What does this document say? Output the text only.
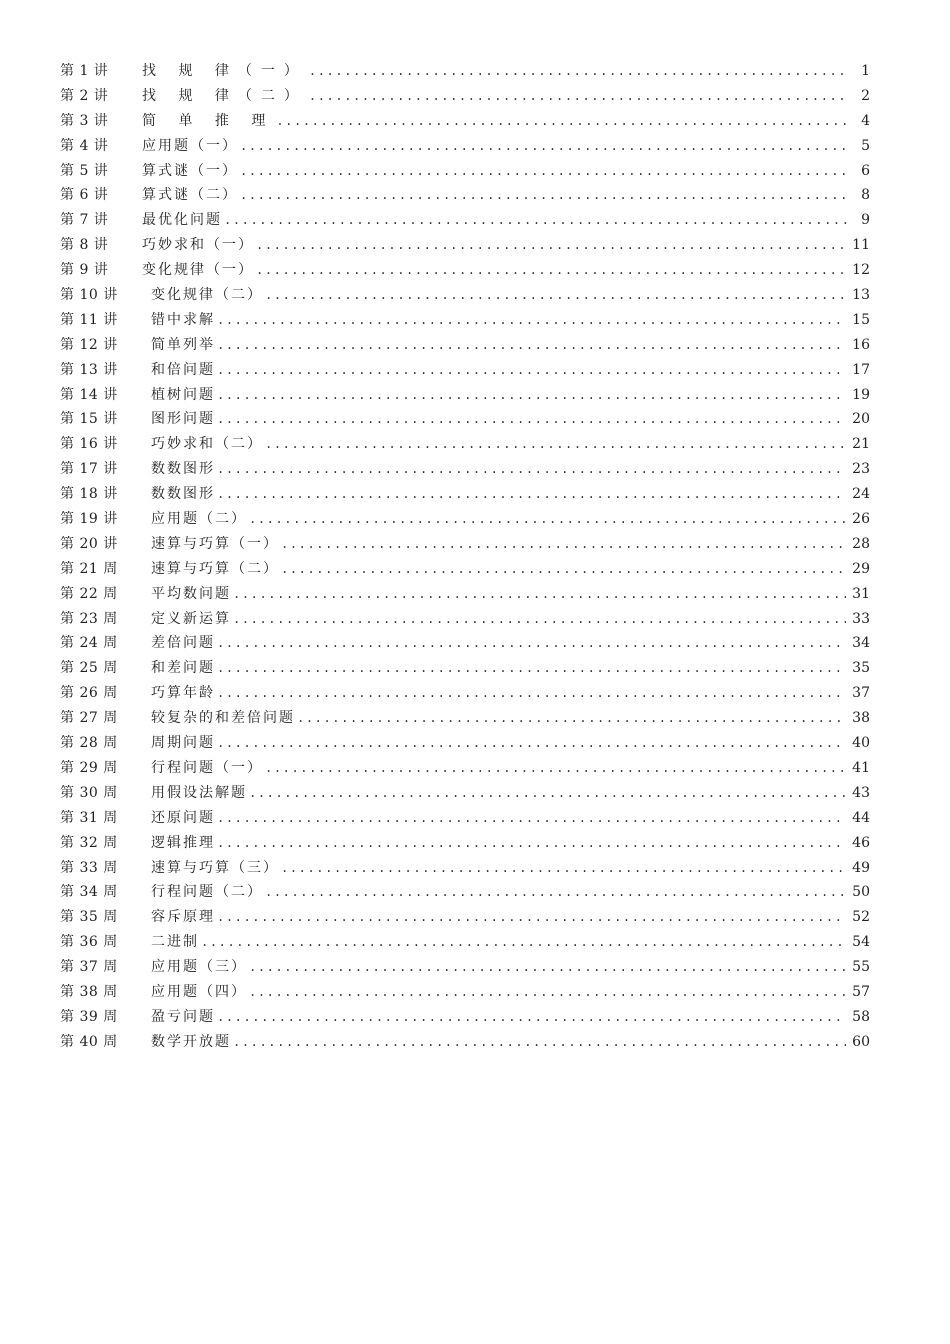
第 1 讲	找 规 律（一） .....	1
第 2 讲	找 规 律（二） .....	2
第 3 讲	简 单 推 理 .....	4
第 4 讲	应用题（一） .....	5
第 5 讲	算式谜（一） .....	6
第 6 讲	算式谜（二） .....	8
第 7 讲	最优化问题 .....	9
第 8 讲	巧妙求和（一） .....	11
第 9 讲	变化规律（一） .....	12
第 10 讲	变化规律（二） .....	13
第 11 讲	错中求解 .....	15
第 12 讲	简单列举 .....	16
第 13 讲	和倍问题 .....	17
第 14 讲	植树问题 .....	19
第 15 讲	图形问题 .....	20
第 16 讲	巧妙求和（二） .....	21
第 17 讲	数数图形 .....	23
第 18 讲	数数图形 .....	24
第 19 讲	应用题（二） .....	26
第 20 讲	速算与巧算（一） .....	28
第 21 周	速算与巧算（二） .....	29
第 22 周	平均数问题 .....	31
第 23 周	定义新运算 .....	33
第 24 周	差倍问题 .....	34
第 25 周	和差问题 .....	35
第 26 周	巧算年龄 .....	37
第 27 周	较复杂的和差倍问题 .....	38
第 28 周	周期问题 .....	40
第 29 周	行程问题（一） .....	41
第 30 周	用假设法解题 .....	43
第 31 周	还原问题 .....	44
第 32 周	逻辑推理 .....	46
第 33 周	速算与巧算（三） .....	49
第 34 周	行程问题（二） .....	50
第 35 周	容斥原理 .....	52
第 36 周	二进制 .....	54
第 37 周	应用题（三） .....	55
第 38 周	应用题（四） .....	57
第 39 周	盈亏问题 .....	58
第 40 周	数学开放题 .....	60
